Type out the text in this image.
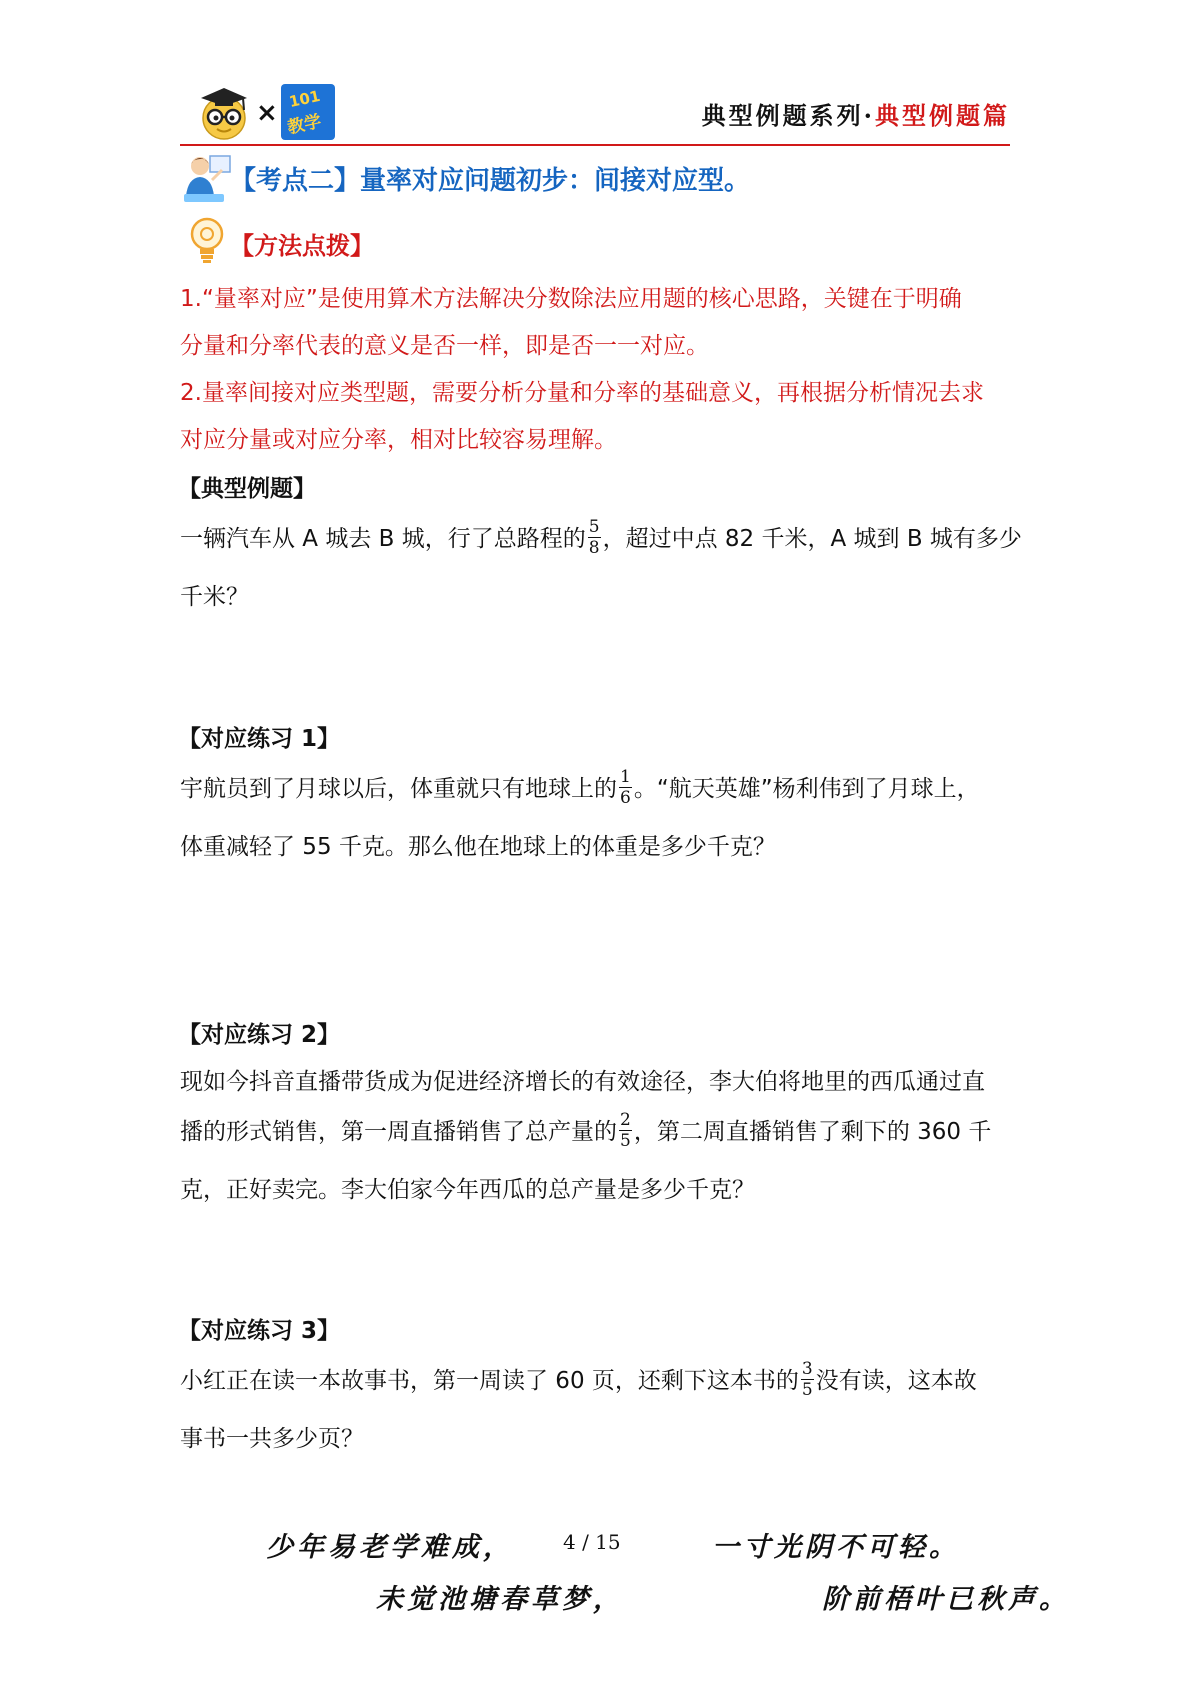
× 101
教学	典型例题系列·典型例题篇
【考点二】量率对应问题初步：间接对应型。
【方法点拨】
1.“量率对应”是使用算术方法解决分数除法应用题的核心思路，关键在于明确
分量和分率代表的意义是否一样，即是否一一对应。
2.量率间接对应类型题，需要分析分量和分率的基础意义，再根据分析情况去求
对应分量或对应分率，相对比较容易理解。
【典型例题】
一辆汽车从 A 城去 B 城，行了总路程的 $\frac{5}{8}$ ，超过中点 82 千米，A 城到 B 城有多少
千米？
【对应练习 1】
宇航员到了月球以后，体重就只有地球上的 $\frac{1}{6}$ 。“航天英雄”杨利伟到了月球上，
体重减轻了 55 千克。那么他在地球上的体重是多少千克？
【对应练习 2】
现如今抖音直播带货成为促进经济增长的有效途径，李大伯将地里的西瓜通过直
播的形式销售，第一周直播销售了总产量的 $\frac{2}{5}$ ，第二周直播销售了剩下的 360 千
克，正好卖完。李大伯家今年西瓜的总产量是多少千克？
【对应练习 3】
小红正在读一本故事书，第一周读了 60 页，还剩下这本书的 $\frac{3}{5}$ 没有读，这本故
事书一共多少页？
少年易老学难成， 4 / 15	一寸光阴不可轻。
未觉池塘春草梦，	阶前梧叶已秋声。
